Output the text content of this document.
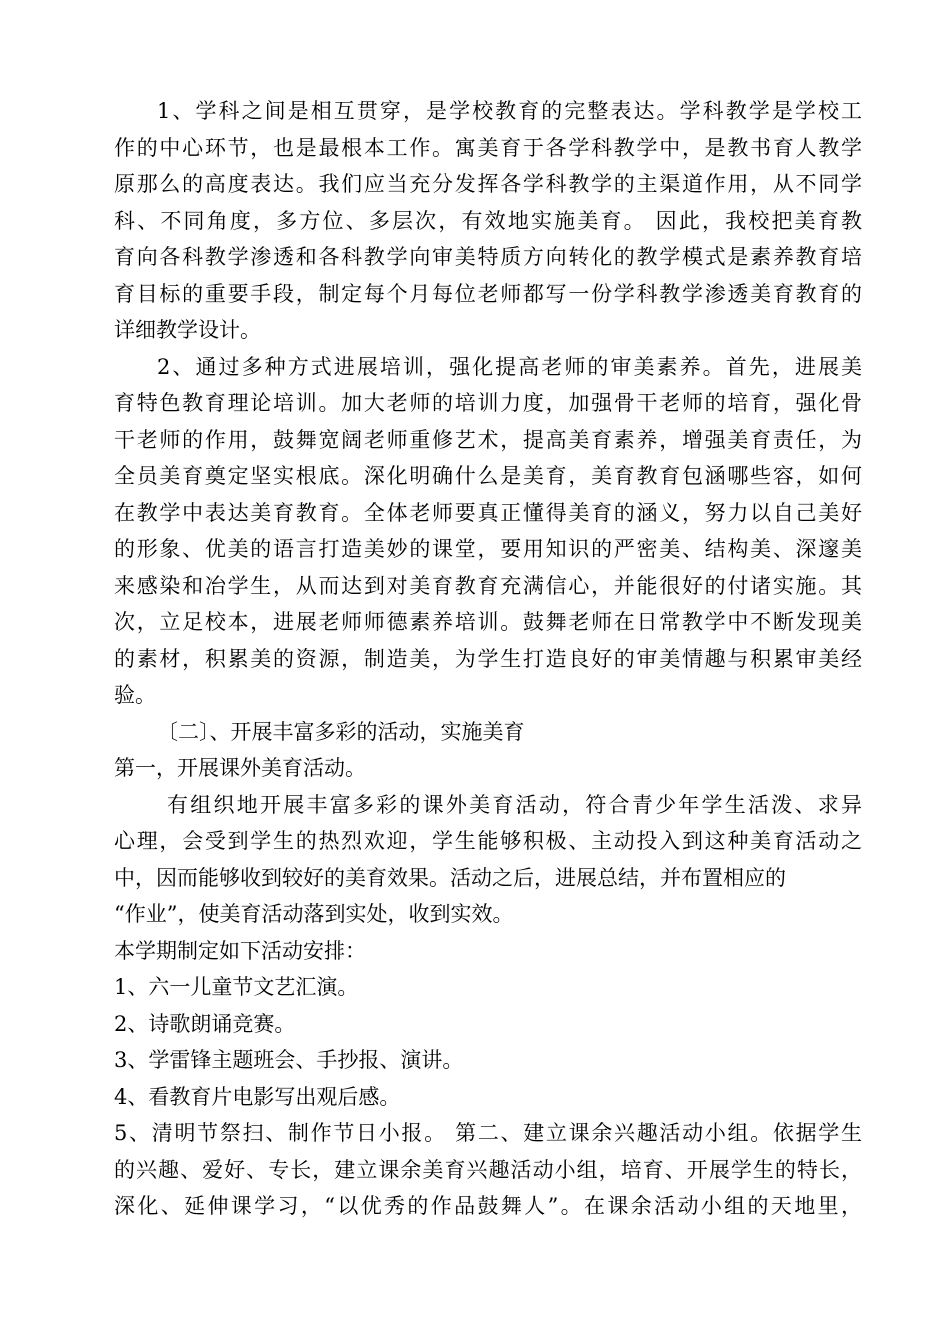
1、学科之间是相互贯穿，是学校教育的完整表达。学科教学是学校工
作的中心环节，也是最根本工作。寓美育于各学科教学中，是教书育人教学
原那么的高度表达。我们应当充分发挥各学科教学的主渠道作用，从不同学
科、不同角度，多方位、多层次，有效地实施美育。 因此，我校把美育教
育向各科教学渗透和各科教学向审美特质方向转化的教学模式是素养教育培
育目标的重要手段，制定每个月每位老师都写一份学科教学渗透美育教育的
详细教学设计。
2、通过多种方式进展培训，强化提高老师的审美素养。首先，进展美
育特色教育理论培训。加大老师的培训力度，加强骨干老师的培育，强化骨
干老师的作用，鼓舞宽阔老师重修艺术，提高美育素养，增强美育责任，为
全员美育奠定坚实根底。深化明确什么是美育，美育教育包涵哪些容，如何
在教学中表达美育教育。全体老师要真正懂得美育的涵义，努力以自己美好
的形象、优美的语言打造美妙的课堂，要用知识的严密美、结构美、深邃美
来感染和冶学生，从而达到对美育教育充满信心，并能很好的付诸实施。其
次，立足校本，进展老师师德素养培训。鼓舞老师在日常教学中不断发现美
的素材，积累美的资源，制造美，为学生打造良好的审美情趣与积累审美经
验。
〔二〕、开展丰富多彩的活动，实施美育
第一，开展课外美育活动。
有组织地开展丰富多彩的课外美育活动，符合青少年学生活泼、求异
心理，会受到学生的热烈欢迎，学生能够积极、主动投入到这种美育活动之
中，因而能够收到较好的美育效果。活动之后，进展总结，并布置相应的
“作业”，使美育活动落到实处，收到实效。
本学期制定如下活动安排：
1、六一儿童节文艺汇演。
2、诗歌朗诵竞赛。
3、学雷锋主题班会、手抄报、演讲。
4、看教育片电影写出观后感。
5、清明节祭扫、制作节日小报。 第二、建立课余兴趣活动小组。依据学生
的兴趣、爱好、专长，建立课余美育兴趣活动小组，培育、开展学生的特长，
深化、延伸课学习，“以优秀的作品鼓舞人”。在课余活动小组的天地里，
